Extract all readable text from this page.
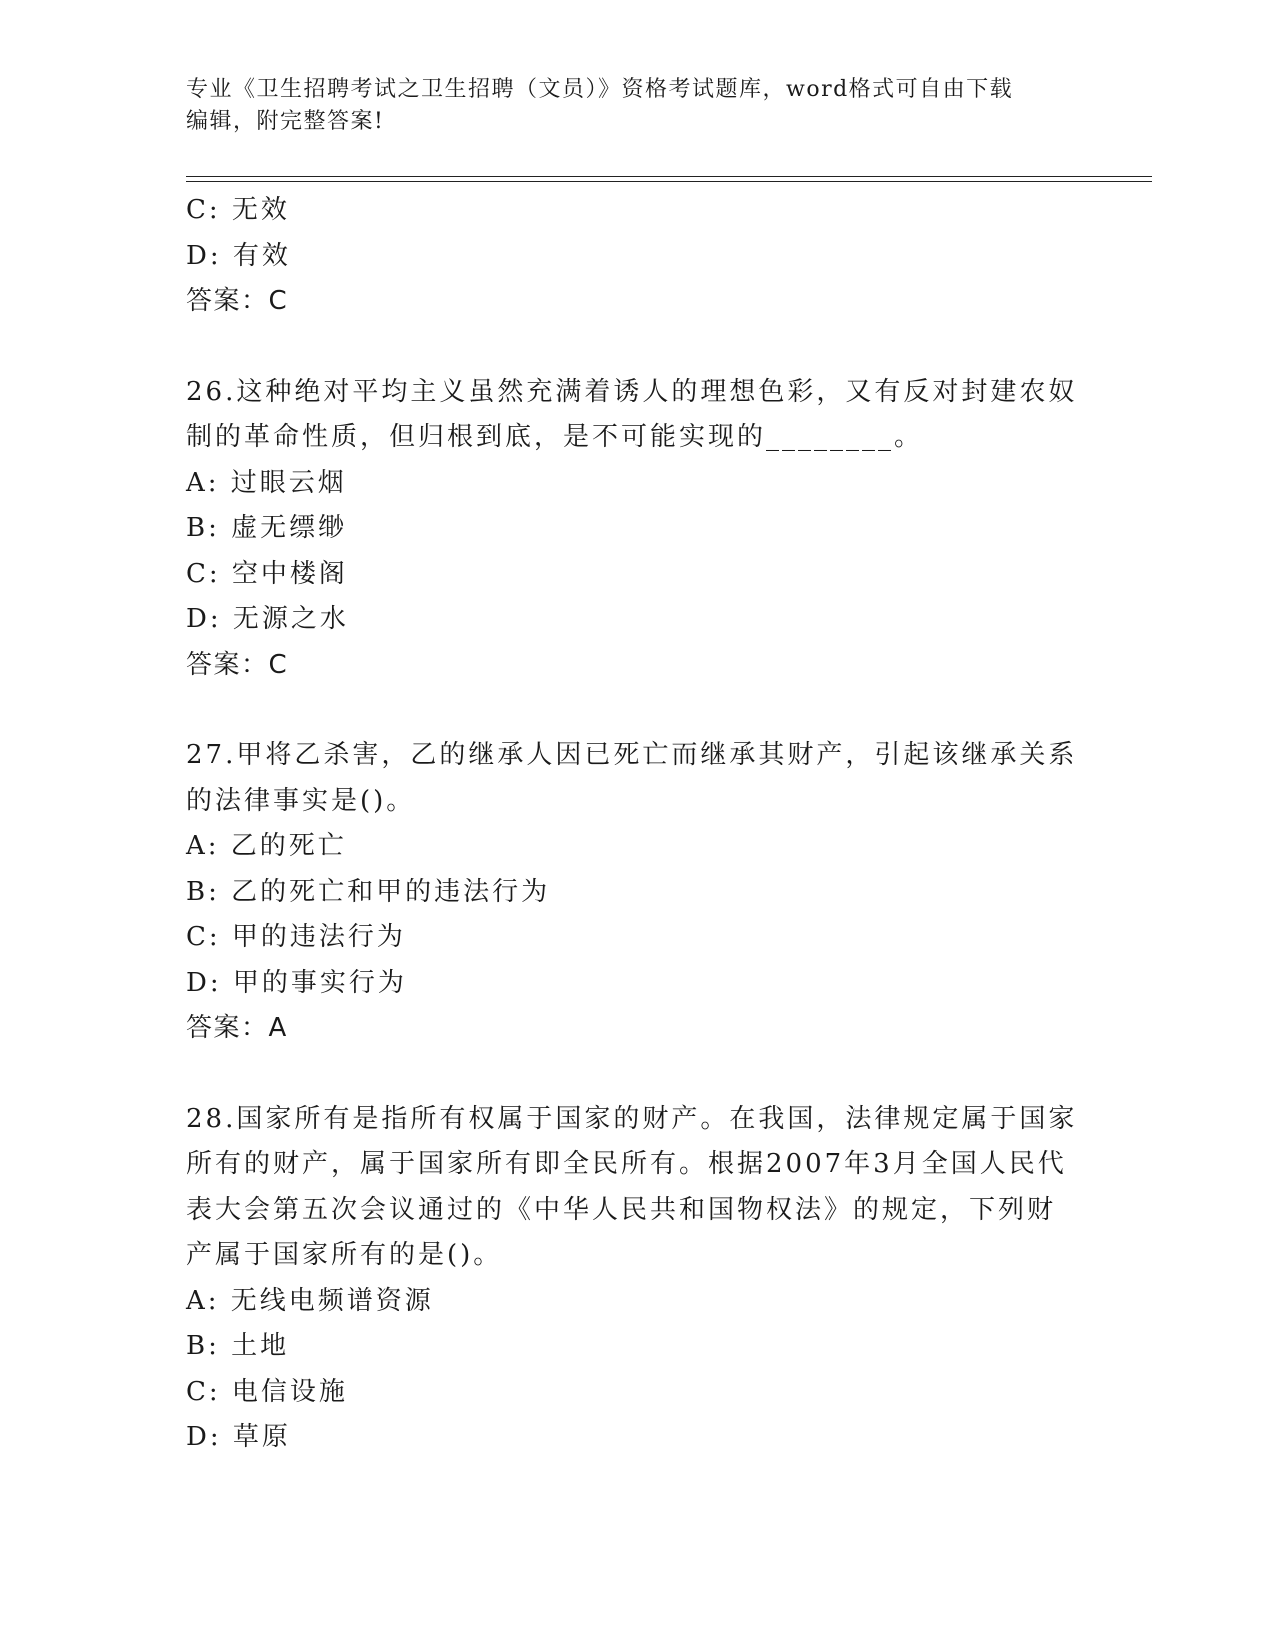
专业《卫生招聘考试之卫生招聘（文员）》资格考试题库，word格式可自由下载
编辑，附完整答案!
C: 无效
D: 有效
答案：C
26.这种绝对平均主义虽然充满着诱人的理想色彩，又有反对封建农奴
制的革命性质，但归根到底，是不可能实现的________。
A: 过眼云烟
B: 虚无缥缈
C: 空中楼阁
D: 无源之水
答案：C
27.甲将乙杀害，乙的继承人因已死亡而继承其财产，引起该继承关系
的法律事实是()。
A: 乙的死亡
B: 乙的死亡和甲的违法行为
C: 甲的违法行为
D: 甲的事实行为
答案：A
28.国家所有是指所有权属于国家的财产。在我国，法律规定属于国家
所有的财产，属于国家所有即全民所有。根据2007年3月全国人民代
表大会第五次会议通过的《中华人民共和国物权法》的规定，下列财
产属于国家所有的是()。
A: 无线电频谱资源
B: 土地
C: 电信设施
D: 草原
